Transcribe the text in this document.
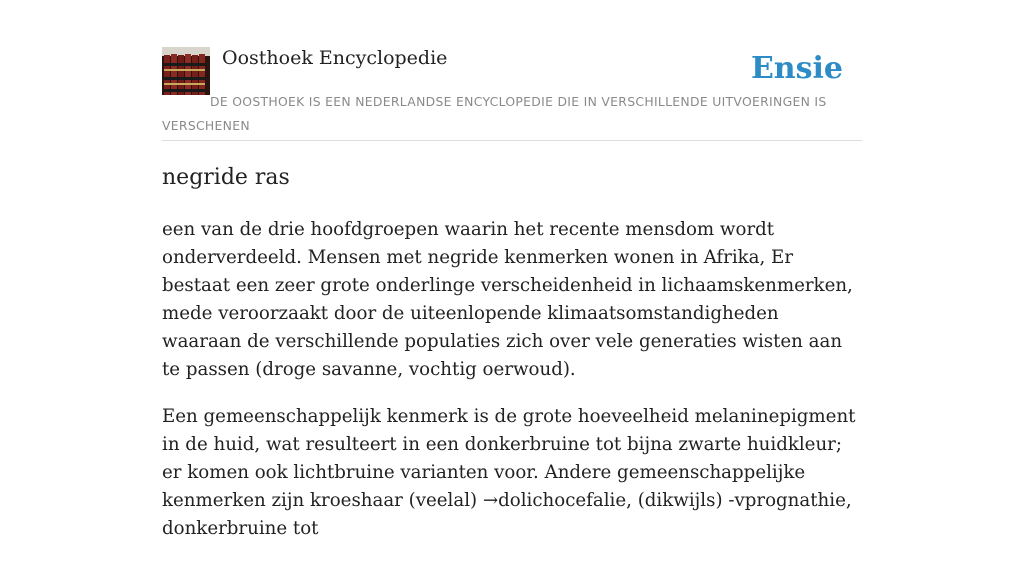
Oosthoek Encyclopedie	Ensie
DE OOSTHOEK IS EEN NEDERLANDSE ENCYCLOPEDIE DIE IN VERSCHILLENDE UITVOERINGEN IS VERSCHENEN
negride ras

een van de drie hoofdgroepen waarin het recente mensdom wordt onderverdeeld. Mensen met negride kenmerken wonen in Afrika, Er bestaat een zeer grote onderlinge verscheidenheid in lichaamskenmerken, mede veroorzaakt door de uiteenlopende klimaatsomstandigheden waaraan de verschillende populaties zich over vele generaties wisten aan te passen (droge savanne, vochtig oerwoud).

Een gemeenschappelijk kenmerk is de grote hoeveelheid melaninepigment in de huid, wat resulteert in een donkerbruine tot bijna zwarte huidkleur; er komen ook lichtbruine varianten voor. Andere gemeenschappelijke kenmerken zijn kroeshaar (veelal) →dolichocefalie, (dikwijls) -vprognathie, donkerbruine tot
